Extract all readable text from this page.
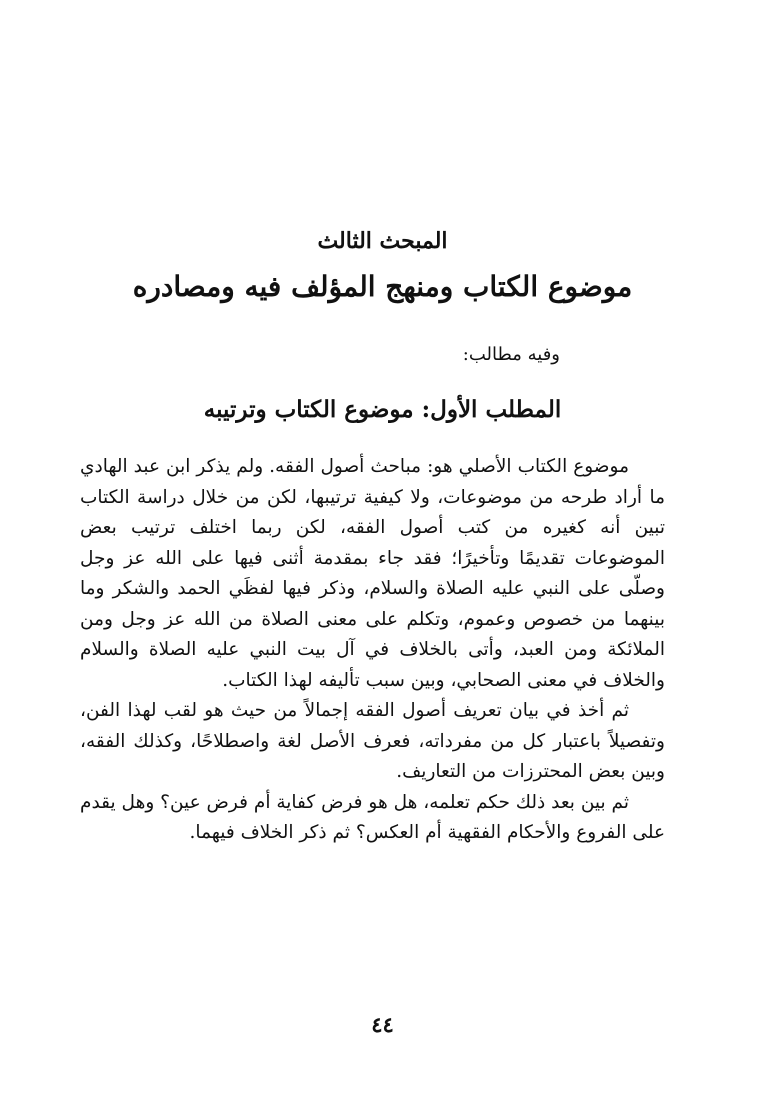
المبحث الثالث
موضوع الكتاب ومنهج المؤلف فيه ومصادره
وفيه مطالب:
المطلب الأول: موضوع الكتاب وترتيبه

موضوع الكتاب الأصلي هو: مباحث أصول الفقه. ولم يذكر ابن عبد الهادي ما أراد طرحه من موضوعات، ولا كيفية ترتيبها، لكن من خلال دراسة الكتاب تبين أنه كغيره من كتب أصول الفقه، لكن ربما اختلف ترتيب بعض الموضوعات تقديمًا وتأخيرًا؛ فقد جاء بمقدمة أثنى فيها على الله عز وجل وصلّى على النبي عليه الصلاة والسلام، وذكر فيها لفظَي الحمد والشكر وما بينهما من خصوص وعموم، وتكلم على معنى الصلاة من الله عز وجل ومن الملائكة ومن العبد، وأتى بالخلاف في آل بيت النبي عليه الصلاة والسلام والخلاف في معنى الصحابي، وبين سبب تأليفه لهذا الكتاب.

ثم أخذ في بيان تعريف أصول الفقه إجمالاً من حيث هو لقب لهذا الفن، وتفصيلاً باعتبار كل من مفرداته، فعرف الأصل لغة واصطلاحًا، وكذلك الفقه، وبين بعض المحترزات من التعاريف.

ثم بين بعد ذلك حكم تعلمه، هل هو فرض كفاية أم فرض عين؟ وهل يقدم على الفروع والأحكام الفقهية أم العكس؟ ثم ذكر الخلاف فيهما.

٤٤
